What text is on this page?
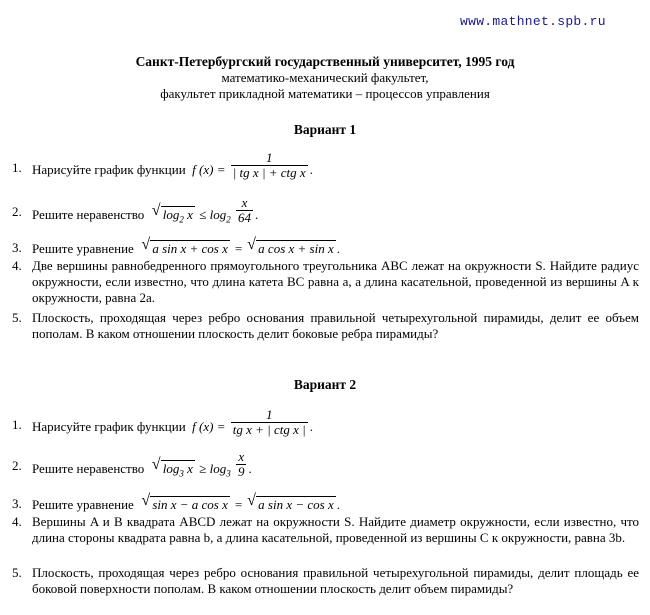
www.mathnet.spb.ru
Санкт-Петербургский государственный университет, 1995 год
математико-механический факультет,
факультет прикладной математики – процессов управления
Вариант 1
1. Нарисуйте график функции f $(x) = \frac{1}{\text{| tg x | + ctg x}}$ .
2. Решите неравенство √ $\log_2 x \le \log_2 \frac{x}{64}$ .
3. Решите уравнение √ a sin x + cos x = √ a cos x + sin x .
4. Две вершины равнобедренного прямоугольного треугольника ABC лежат на окружности S. Найдите радиус окружности, если известно, что длина катета BC равна a, а длина касательной, проведенной из вершины A к окружности, равна 2a.
5. Плоскость, проходящая через ребро основания правильной четырехугольной пирамиды, делит ее объем пополам. В каком отношении плоскость делит боковые ребра пирамиды?
Вариант 2
1. Нарисуйте график функции f $(x) = \frac{1}{\text{tg x + | ctg x |}}$ .
2. Решите неравенство √ $\log_3 x \ge \log_3 \frac{x}{9}$ .
3. Решите уравнение √ sin x − a cos x = √ a sin x − cos x .
4. Вершины A и B квадрата ABCD лежат на окружности S. Найдите диаметр окружности, если известно, что длина стороны квадрата равна b, а длина касательной, проведенной из вершины C к окружности, равна 3b.
5. Плоскость, проходящая через ребро основания правильной четырехугольной пирамиды, делит площадь ее боковой поверхности пополам. В каком отношении плоскость делит объем пирамиды?
